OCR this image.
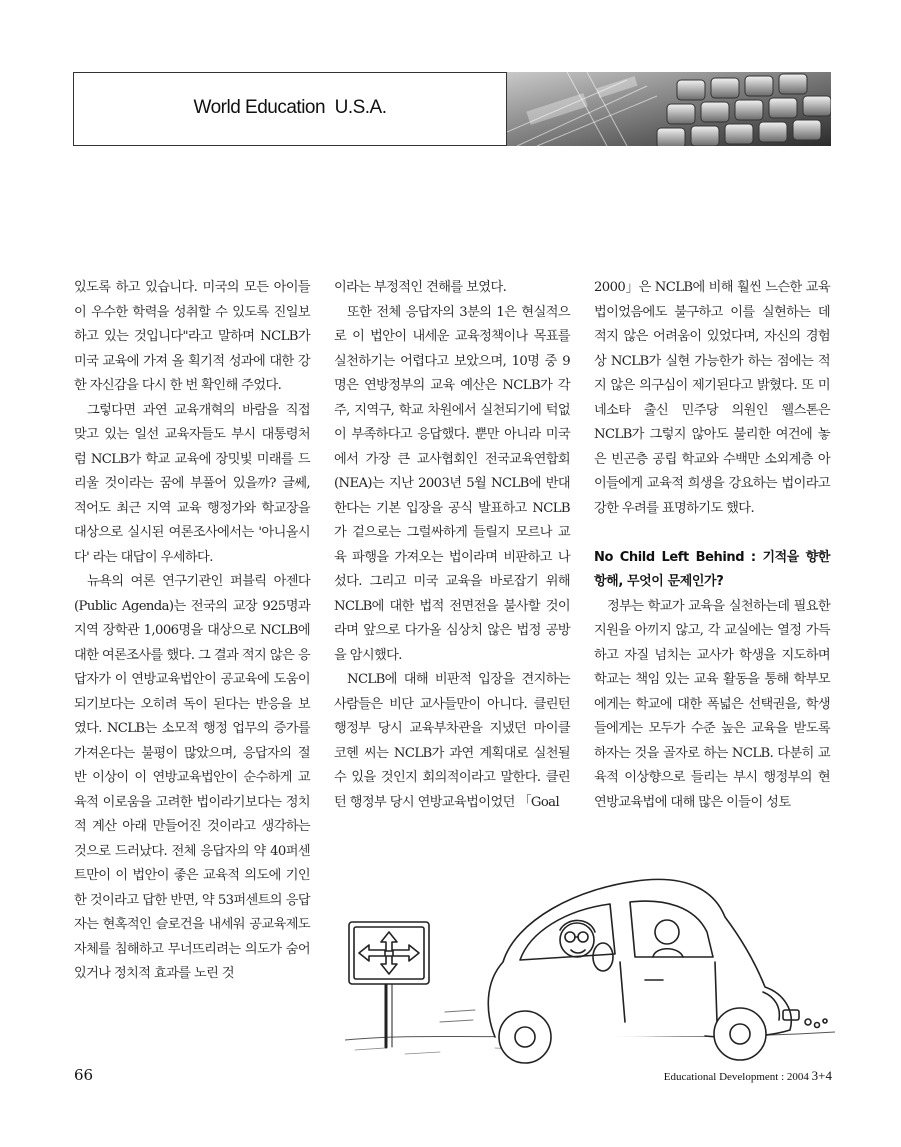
World Education  U.S.A.

있도록 하고 있습니다. 미국의 모든 아이들이 우수한 학력을 성취할 수 있도록 진일보하고 있는 것입니다"라고 말하며 NCLB가 미국 교육에 가져 올 획기적 성과에 대한 강한 자신감을 다시 한 번 확인해 주었다.

그렇다면 과연 교육개혁의 바람을 직접 맞고 있는 일선 교육자들도 부시 대통령처럼 NCLB가 학교 교육에 장밋빛 미래를 드리울 것이라는 꿈에 부풀어 있을까? 글쎄, 적어도 최근 지역 교육 행정가와 학교장을 대상으로 실시된 여론조사에서는 '아니올시다' 라는 대답이 우세하다.

뉴욕의 여론 연구기관인 퍼블릭 아젠다(Public Agenda)는 전국의 교장 925명과 지역 장학관 1,006명을 대상으로 NCLB에 대한 여론조사를 했다. 그 결과 적지 않은 응답자가 이 연방교육법안이 공교육에 도움이 되기보다는 오히려 독이 된다는 반응을 보였다. NCLB는 소모적 행정 업무의 증가를 가져온다는 불평이 많았으며, 응답자의 절반 이상이 이 연방교육법안이 순수하게 교육적 이로움을 고려한 법이라기보다는 정치적 계산 아래 만들어진 것이라고 생각하는 것으로 드러났다. 전체 응답자의 약 40퍼센트만이 이 법안이 좋은 교육적 의도에 기인한 것이라고 답한 반면, 약 53퍼센트의 응답자는 현혹적인 슬로건을 내세워 공교육제도 자체를 침해하고 무너뜨리려는 의도가 숨어 있거나 정치적 효과를 노린 것

이라는 부정적인 견해를 보였다.

또한 전체 응답자의 3분의 1은 현실적으로 이 법안이 내세운 교육정책이나 목표를 실천하기는 어렵다고 보았으며, 10명 중 9명은 연방정부의 교육 예산은 NCLB가 각 주, 지역구, 학교 차원에서 실천되기에 턱없이 부족하다고 응답했다. 뿐만 아니라 미국에서 가장 큰 교사협회인 전국교육연합회(NEA)는 지난 2003년 5월 NCLB에 반대한다는 기본 입장을 공식 발표하고 NCLB가 겉으로는 그럴싸하게 들릴지 모르나 교육 파행을 가져오는 법이라며 비판하고 나섰다. 그리고 미국 교육을 바로잡기 위해 NCLB에 대한 법적 전면전을 불사할 것이라며 앞으로 다가올 심상치 않은 법정 공방을 암시했다.

NCLB에 대해 비판적 입장을 견지하는 사람들은 비단 교사들만이 아니다. 클린턴 행정부 당시 교육부차관을 지냈던 마이클 코헨 씨는 NCLB가 과연 계획대로 실천될 수 있을 것인지 회의적이라고 말한다. 클린턴 행정부 당시 연방교육법이었던 「Goal

2000」은 NCLB에 비해 훨씬 느슨한 교육법이었음에도 불구하고 이를 실현하는 데 적지 않은 어려움이 있었다며, 자신의 경험상 NCLB가 실현 가능한가 하는 점에는 적지 않은 의구심이 제기된다고 밝혔다. 또 미네소타 출신 민주당 의원인 웰스톤은 NCLB가 그렇지 않아도 불리한 여건에 놓은 빈곤층 공립 학교와 수백만 소외계층 아이들에게 교육적 희생을 강요하는 법이라고 강한 우려를 표명하기도 했다.

No Child Left Behind : 기적을 향한 항해, 무엇이 문제인가?

정부는 학교가 교육을 실천하는데 필요한 지원을 아끼지 않고, 각 교실에는 열정 가득하고 자질 넘치는 교사가 학생을 지도하며 학교는 책임 있는 교육 활동을 통해 학부모에게는 학교에 대한 폭넓은 선택권을, 학생들에게는 모두가 수준 높은 교육을 받도록 하자는 것을 골자로 하는 NCLB. 다분히 교육적 이상향으로 들리는 부시 행정부의 현 연방교육법에 대해 많은 이들이 성토

66	Educational Development : 2004 3+4
